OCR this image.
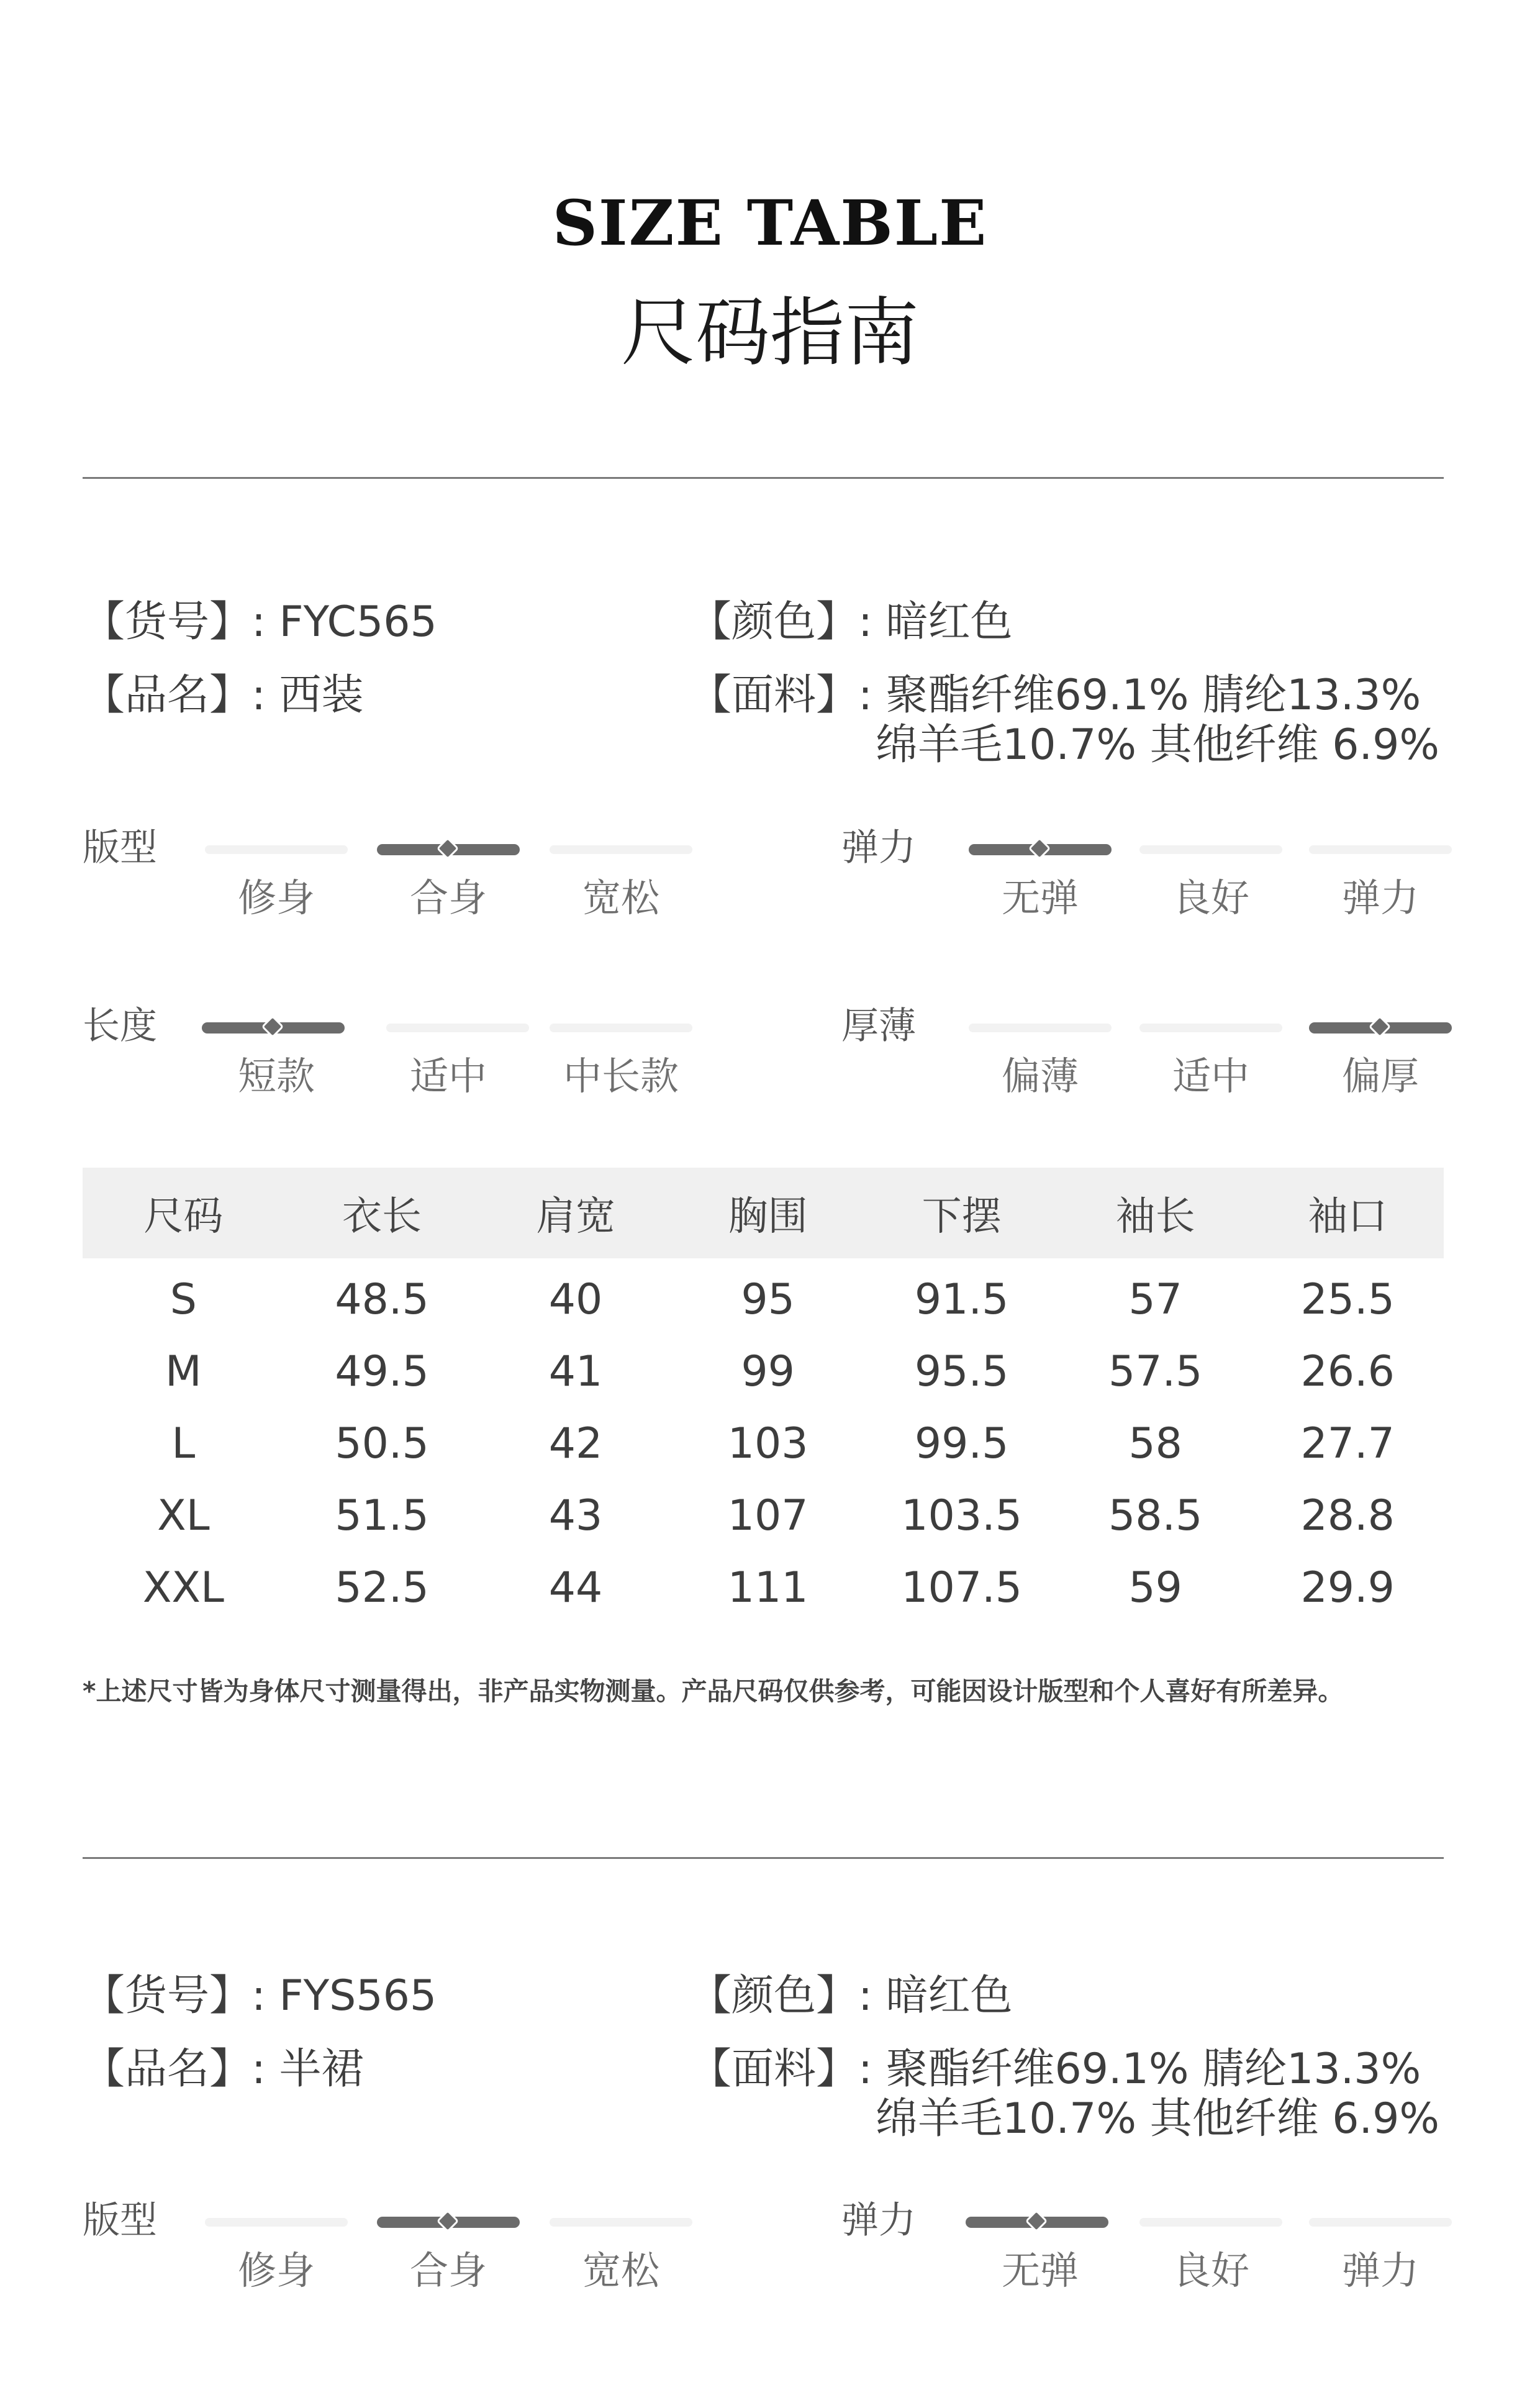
SIZE TABLE
尺码指南
【货号】: FYC565
【品名】: 西装
【颜色】: 暗红色
【面料】: 聚酯纤维69.1% 腈纶13.3%
绵羊毛10.7% 其他纤维 6.9%
版型
修身	合身	宽松
弹力
无弹	良好	弹力
长度
短款	适中	中长款
厚薄
偏薄	适中	偏厚
尺码	衣长	肩宽	胸围	下摆	袖长	袖口
S	48.5	40	95	91.5	57	25.5
M	49.5	41	99	95.5	57.5	26.6
L	50.5	42	103	99.5	58	27.7
XL	51.5	43	107	103.5	58.5	28.8
XXL	52.5	44	111	107.5	59	29.9
*上述尺寸皆为身体尺寸测量得出，非产品实物测量。产品尺码仅供参考，可能因设计版型和个人喜好有所差异。
【货号】: FYS565
【品名】: 半裙
【颜色】: 暗红色
【面料】: 聚酯纤维69.1% 腈纶13.3%
绵羊毛10.7% 其他纤维 6.9%
版型
修身	合身	宽松
弹力
无弹	良好	弹力
